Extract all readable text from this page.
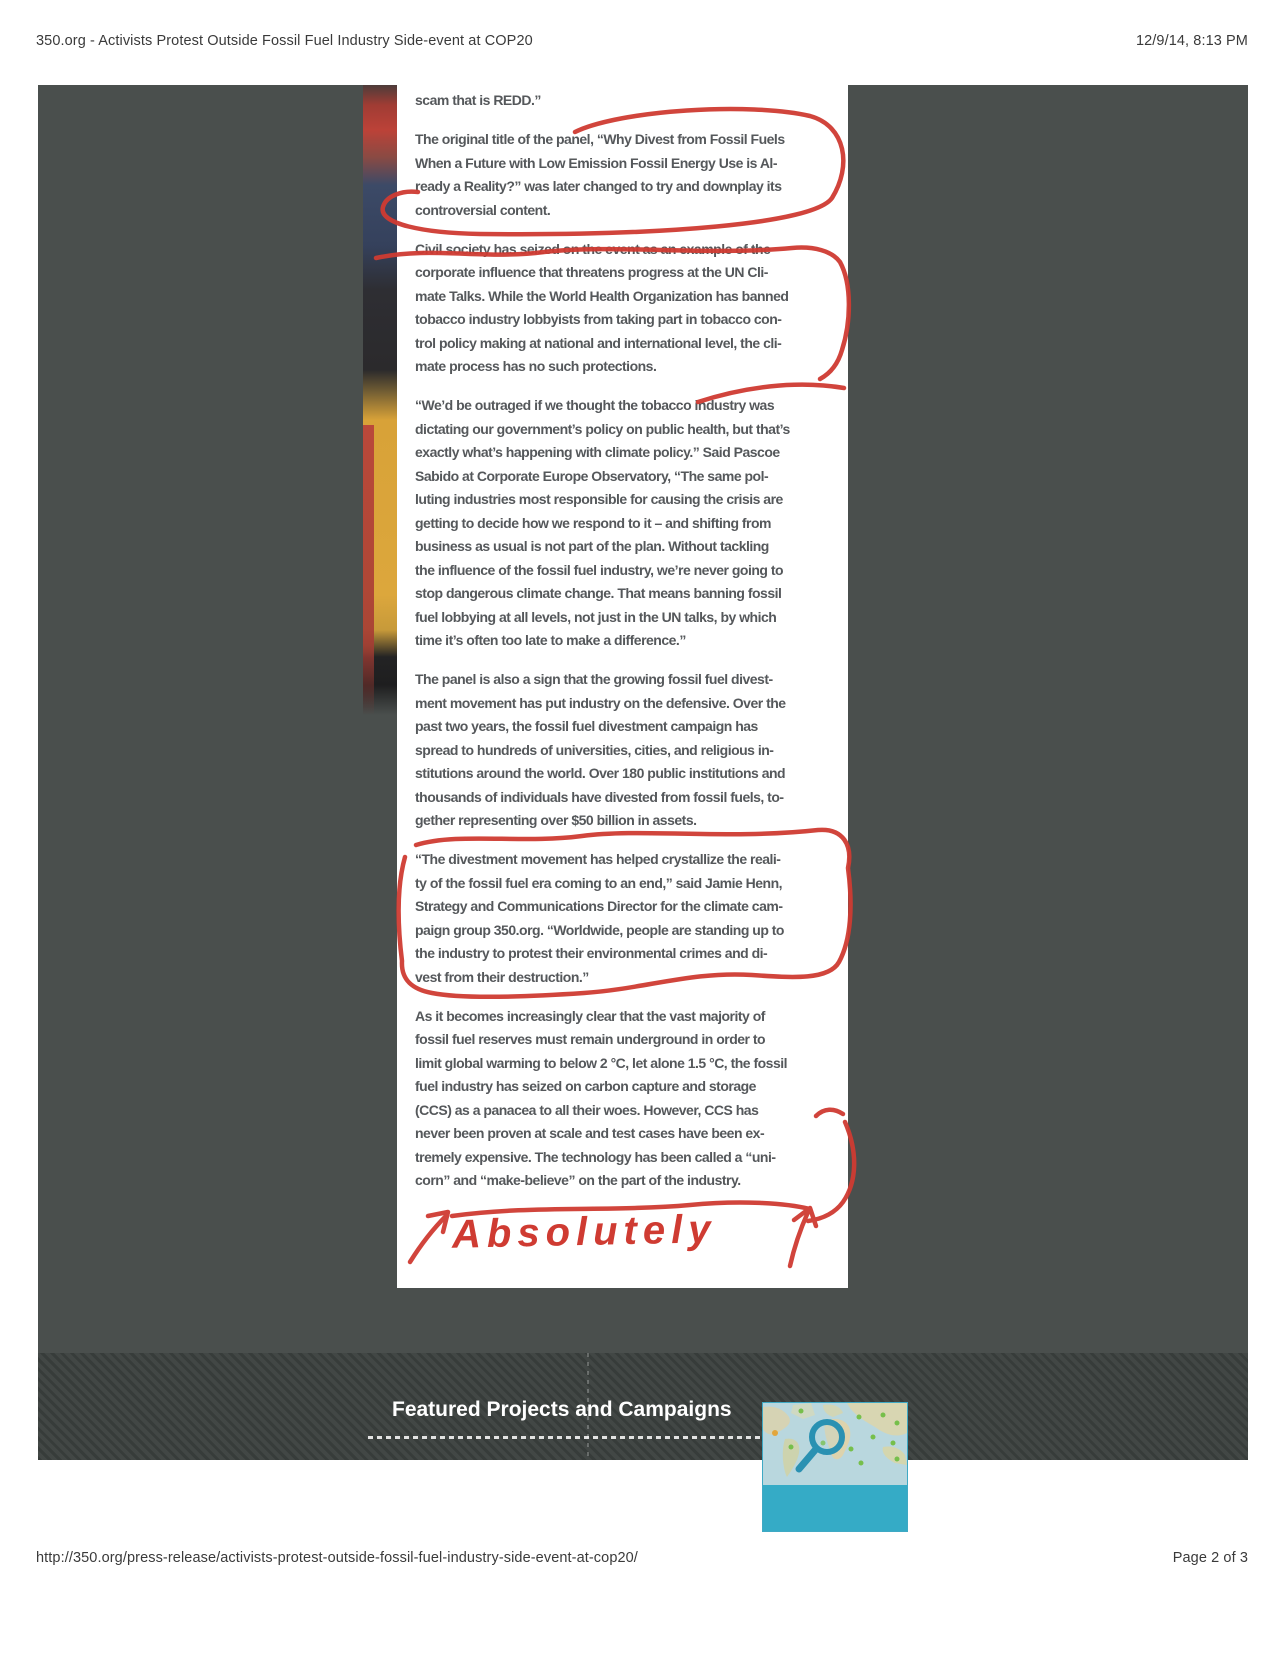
350.org - Activists Protest Outside Fossil Fuel Industry Side-event at COP20	12/9/14, 8:13 PM
scam that is REDD.”
The original title of the panel, “Why Divest from Fossil Fuels
When a Future with Low Emission Fossil Energy Use is Al-
ready a Reality?” was later changed to try and downplay its
controversial content.
Civil society has seized on the event as an example of the
corporate influence that threatens progress at the UN Cli-
mate Talks. While the World Health Organization has banned
tobacco industry lobbyists from taking part in tobacco con-
trol policy making at national and international level, the cli-
mate process has no such protections.
“We’d be outraged if we thought the tobacco industry was
dictating our government’s policy on public health, but that’s
exactly what’s happening with climate policy.” Said Pascoe
Sabido at Corporate Europe Observatory, “The same pol-
luting industries most responsible for causing the crisis are
getting to decide how we respond to it – and shifting from
business as usual is not part of the plan. Without tackling
the influence of the fossil fuel industry, we’re never going to
stop dangerous climate change. That means banning fossil
fuel lobbying at all levels, not just in the UN talks, by which
time it’s often too late to make a difference.”
The panel is also a sign that the growing fossil fuel divest-
ment movement has put industry on the defensive. Over the
past two years, the fossil fuel divestment campaign has
spread to hundreds of universities, cities, and religious in-
stitutions around the world. Over 180 public institutions and
thousands of individuals have divested from fossil fuels, to-
gether representing over $50 billion in assets.
“The divestment movement has helped crystallize the reali-
ty of the fossil fuel era coming to an end,” said Jamie Henn,
Strategy and Communications Director for the climate cam-
paign group 350.org. “Worldwide, people are standing up to
the industry to protest their environmental crimes and di-
vest from their destruction.”
As it becomes increasingly clear that the vast majority of
fossil fuel reserves must remain underground in order to
limit global warming to below 2 °C, let alone 1.5 °C, the fossil
fuel industry has seized on carbon capture and storage
(CCS) as a panacea to all their woes. However, CCS has
never been proven at scale and test cases have been ex-
tremely expensive. The technology has been called a “uni-
corn” and “make-believe” on the part of the industry.
Featured Projects and Campaigns
Absolutely
http://350.org/press-release/activists-protest-outside-fossil-fuel-industry-side-event-at-cop20/	Page 2 of 3
